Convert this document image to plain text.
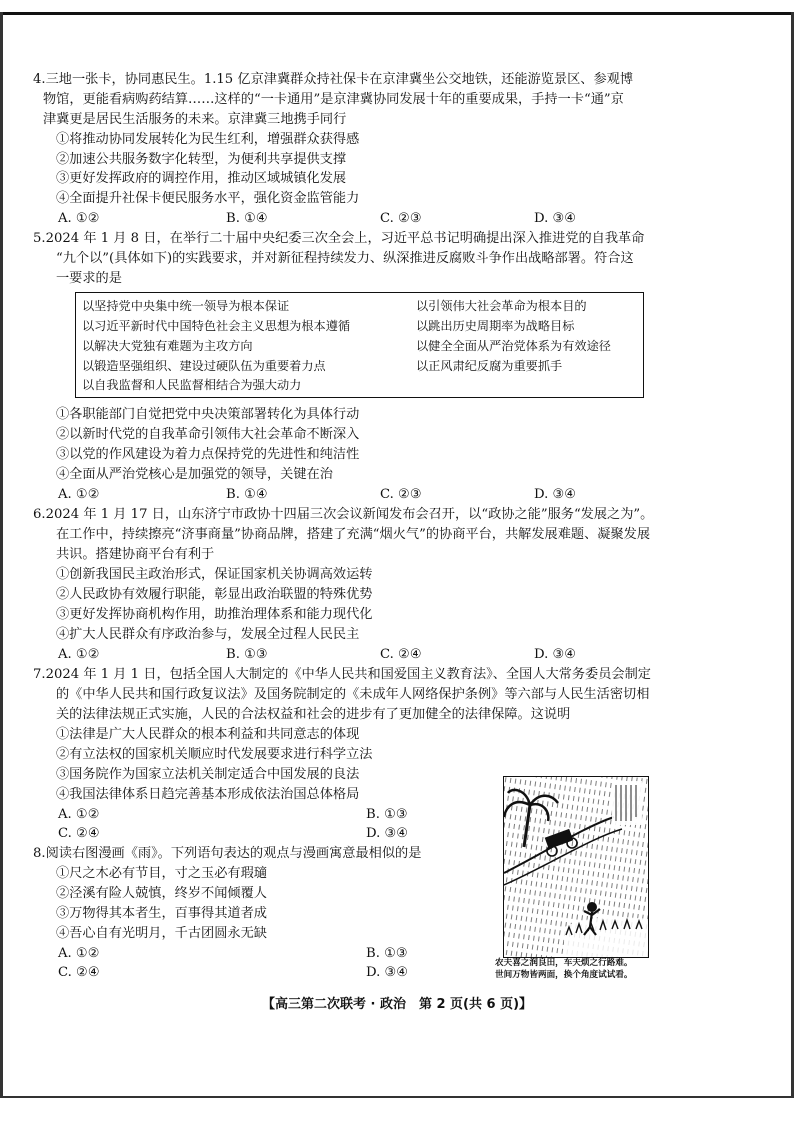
4.三地一张卡，协同惠民生。1.15 亿京津冀群众持社保卡在京津冀坐公交地铁，还能游览景区、参观博
物馆，更能看病购药结算……这样的“一卡通用”是京津冀协同发展十年的重要成果，手持一卡“通”京
津冀更是居民生活服务的未来。京津冀三地携手同行
①将推动协同发展转化为民生红利，增强群众获得感
②加速公共服务数字化转型，为便利共享提供支撑
③更好发挥政府的调控作用，推动区域城镇化发展
④全面提升社保卡便民服务水平，强化资金监管能力
A. ①②	B. ①④	C. ②③	D. ③④
5.2024 年 1 月 8 日，在举行二十届中央纪委三次全会上，习近平总书记明确提出深入推进党的自我革命
“九个以”(具体如下)的实践要求，并对新征程持续发力、纵深推进反腐败斗争作出战略部署。符合这
一要求的是
以坚持党中央集中统一领导为根本保证	以引领伟大社会革命为根本目的
以习近平新时代中国特色社会主义思想为根本遵循	以跳出历史周期率为战略目标
以解决大党独有难题为主攻方向	以健全全面从严治党体系为有效途径
以锻造坚强组织、建设过硬队伍为重要着力点	以正风肃纪反腐为重要抓手
以自我监督和人民监督相结合为强大动力
①各职能部门自觉把党中央决策部署转化为具体行动
②以新时代党的自我革命引领伟大社会革命不断深入
③以党的作风建设为着力点保持党的先进性和纯洁性
④全面从严治党核心是加强党的领导，关键在治
A. ①②	B. ①④	C. ②③	D. ③④
6.2024 年 1 月 17 日，山东济宁市政协十四届三次会议新闻发布会召开，以“政协之能”服务“发展之为”。
在工作中，持续擦亮“济事商量”协商品牌，搭建了充满“烟火气”的协商平台，共解发展难题、凝聚发展
共识。搭建协商平台有利于
①创新我国民主政治形式，保证国家机关协调高效运转
②人民政协有效履行职能，彰显出政治联盟的特殊优势
③更好发挥协商机构作用，助推治理体系和能力现代化
④扩大人民群众有序政治参与，发展全过程人民民主
A. ①②	B. ①③	C. ②④	D. ③④
7.2024 年 1 月 1 日，包括全国人大制定的《中华人民共和国爱国主义教育法》、全国人大常务委员会制定
的《中华人民共和国行政复议法》及国务院制定的《未成年人网络保护条例》等六部与人民生活密切相
关的法律法规正式实施，人民的合法权益和社会的进步有了更加健全的法律保障。这说明
①法律是广大人民群众的根本利益和共同意志的体现
②有立法权的国家机关顺应时代发展要求进行科学立法
③国务院作为国家立法机关制定适合中国发展的良法
④我国法律体系日趋完善基本形成依法治国总体格局
A. ①②	B. ①③
C. ②④	D. ③④
8.阅读右图漫画《雨》。下列语句表达的观点与漫画寓意最相似的是
①尺之木必有节目，寸之玉必有瑕瓋
②泾溪有险人兢慎，终岁不闻倾覆人
③万物得其本者生，百事得其道者成
④吾心自有光明月，千古团圆永无缺
A. ①②	B. ①③
C. ②④	D. ③④
农夫喜之润良田，车夫烦之行路难。
世间万物皆两面，换个角度试试看。
【高三第二次联考 · 政治　第 2 页(共 6 页)】
